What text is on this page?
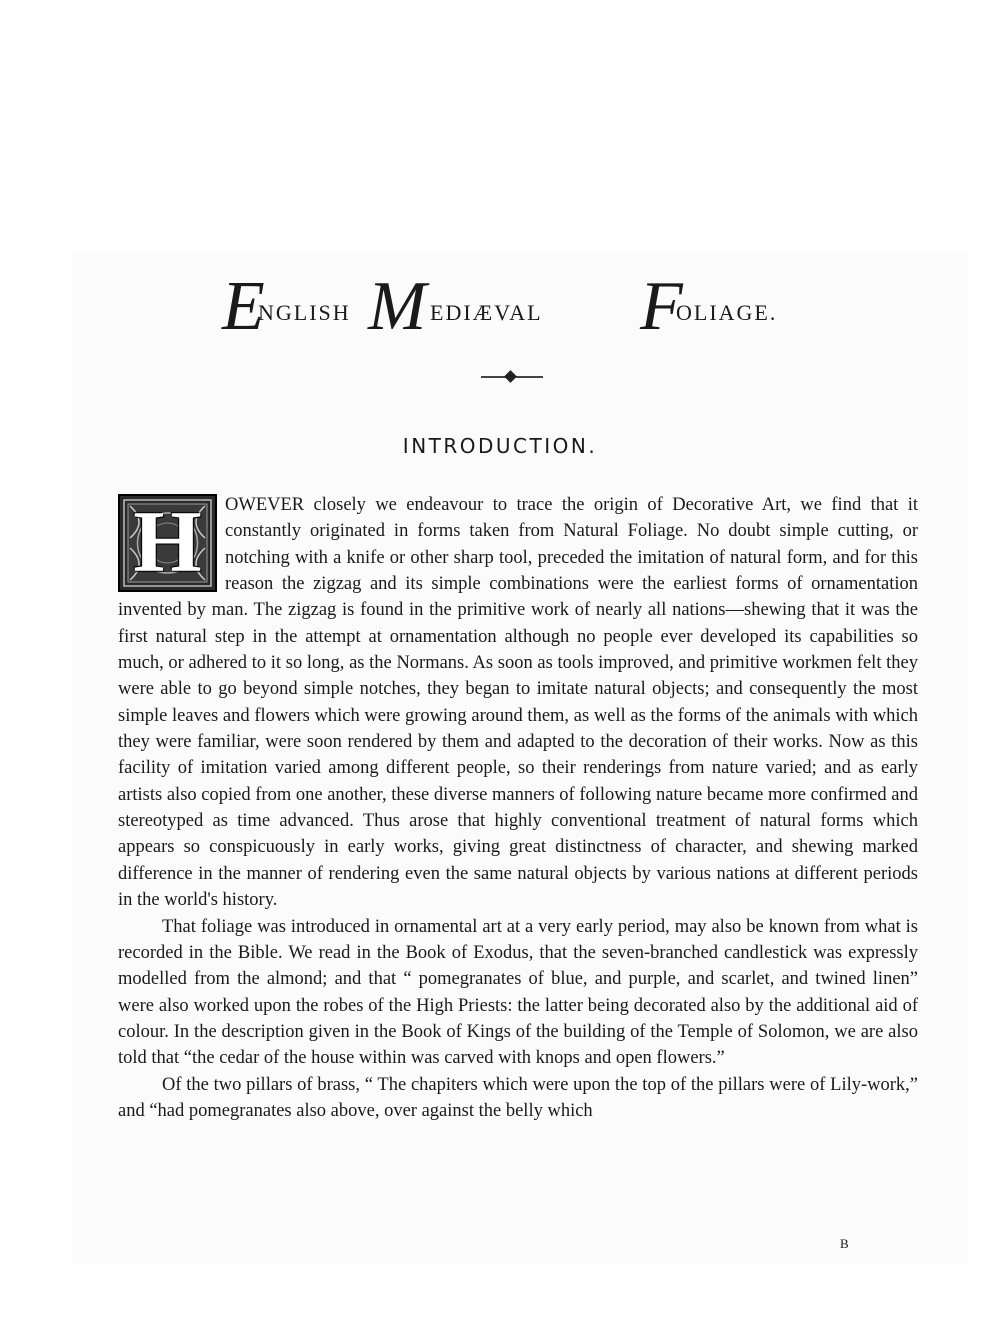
E
NGLISH M EDIÆVAL F
OLIAGE.
INTRODUCTION.

H	OWEVER closely we endeavour to trace the origin of Decorative Art, we find that it constantly originated in forms taken from Natural Foliage. No doubt simple cutting, or notching with a knife or other sharp tool, preceded the imitation of natural form, and for this reason the zigzag and its simple combinations were the earliest forms of ornamentation invented by man. The zigzag is found in the primitive work of nearly all nations—shewing that it was the first natural step in the attempt at ornamentation although no people ever developed its capabilities so much, or adhered to it so long, as the Normans. As soon as tools improved, and primitive workmen felt they were able to go beyond simple notches, they began to imitate natural objects; and consequently the most simple leaves and flowers which were growing around them, as well as the forms of the animals with which they were familiar, were soon rendered by them and adapted to the decoration of their works. Now as this facility of imitation varied among different people, so their renderings from nature varied; and as early artists also copied from one another, these diverse manners of following nature became more confirmed and stereotyped as time advanced. Thus arose that highly conventional treatment of natural forms which appears so conspicuously in early works, giving great distinctness of character, and shewing marked difference in the manner of rendering even the same natural objects by various nations at different periods in the world's history.

That foliage was introduced in ornamental art at a very early period, may also be known from what is recorded in the Bible. We read in the Book of Exodus, that the seven-branched candlestick was expressly modelled from the almond; and that “ pomegranates of blue, and purple, and scarlet, and twined linen” were also worked upon the robes of the High Priests: the latter being decorated also by the additional aid of colour. In the description given in the Book of Kings of the building of the Temple of Solomon, we are also told that “the cedar of the house within was carved with knops and open flowers.”

Of the two pillars of brass, “ The chapiters which were upon the top of the pillars were of Lily-work,” and “had pomegranates also above, over against the belly which

B
